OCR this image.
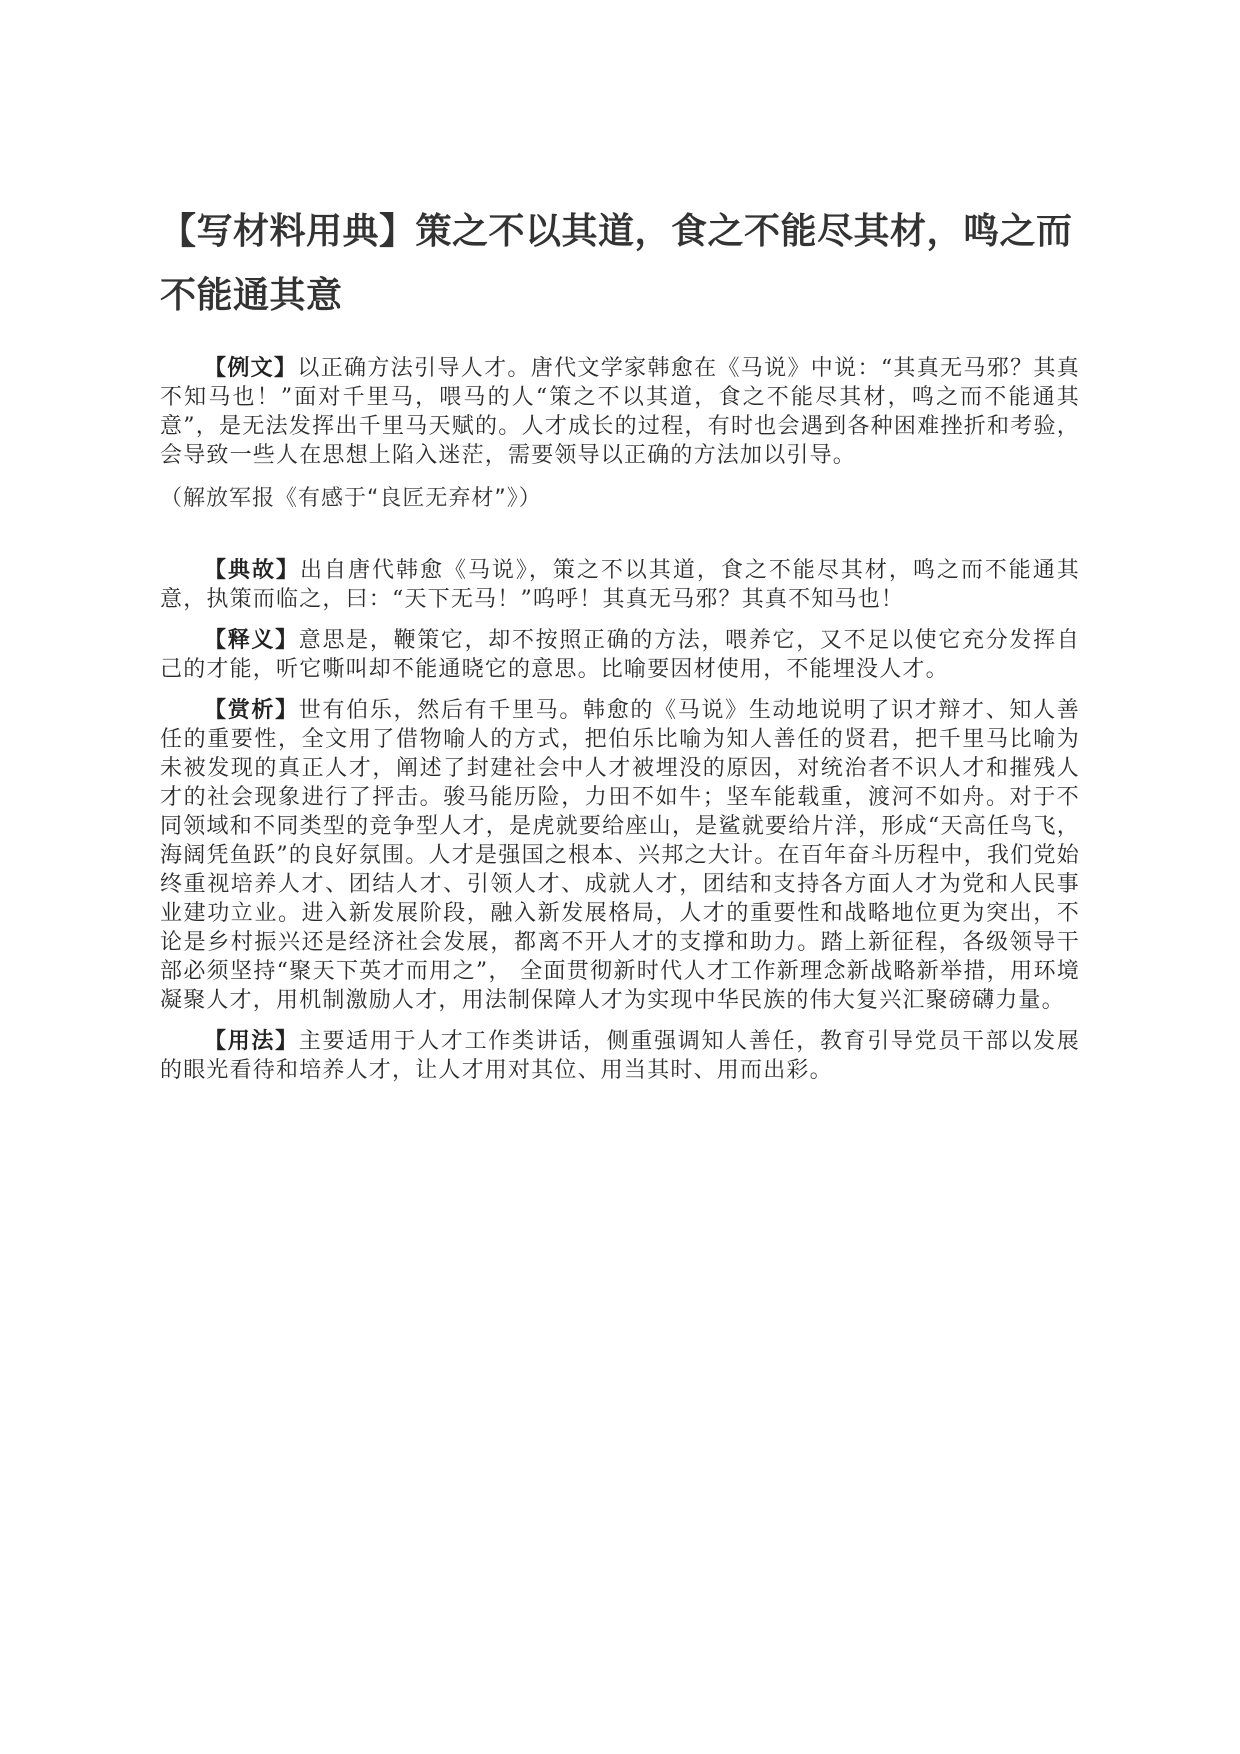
【写材料用典】策之不以其道，食之不能尽其材，鸣之而不能通其意

【例文】以正确方法引导人才。唐代文学家韩愈在《马说》中说：“其真无马邪？其真不知马也！”面对千里马，喂马的人“策之不以其道，食之不能尽其材，鸣之而不能通其意”，是无法发挥出千里马天赋的。人才成长的过程，有时也会遇到各种困难挫折和考验，会导致一些人在思想上陷入迷茫，需要领导以正确的方法加以引导。

（解放军报《有感于“良匠无弃材”》）

【典故】出自唐代韩愈《马说》，策之不以其道，食之不能尽其材，鸣之而不能通其意，执策而临之，曰：“天下无马！”呜呼！其真无马邪？其真不知马也！

【释义】意思是，鞭策它，却不按照正确的方法，喂养它，又不足以使它充分发挥自己的才能，听它嘶叫却不能通晓它的意思。比喻要因材使用，不能埋没人才。

【赏析】世有伯乐，然后有千里马。韩愈的《马说》生动地说明了识才辩才、知人善任的重要性，全文用了借物喻人的方式，把伯乐比喻为知人善任的贤君，把千里马比喻为未被发现的真正人才，阐述了封建社会中人才被埋没的原因，对统治者不识人才和摧残人才的社会现象进行了抨击。骏马能历险，力田不如牛；坚车能载重，渡河不如舟。对于不同领域和不同类型的竞争型人才，是虎就要给座山，是鲨就要给片洋，形成“天高任鸟飞，海阔凭鱼跃”的良好氛围。人才是强国之根本、兴邦之大计。在百年奋斗历程中，我们党始终重视培养人才、团结人才、引领人才、成就人才，团结和支持各方面人才为党和人民事业建功立业。进入新发展阶段，融入新发展格局，人才的重要性和战略地位更为突出，不论是乡村振兴还是经济社会发展，都离不开人才的支撑和助力。踏上新征程，各级领导干部必须坚持“聚天下英才而用之”， 全面贯彻新时代人才工作新理念新战略新举措，用环境凝聚人才，用机制激励人才，用法制保障人才为实现中华民族的伟大复兴汇聚磅礴力量。

【用法】主要适用于人才工作类讲话，侧重强调知人善任，教育引导党员干部以发展的眼光看待和培养人才，让人才用对其位、用当其时、用而出彩。
